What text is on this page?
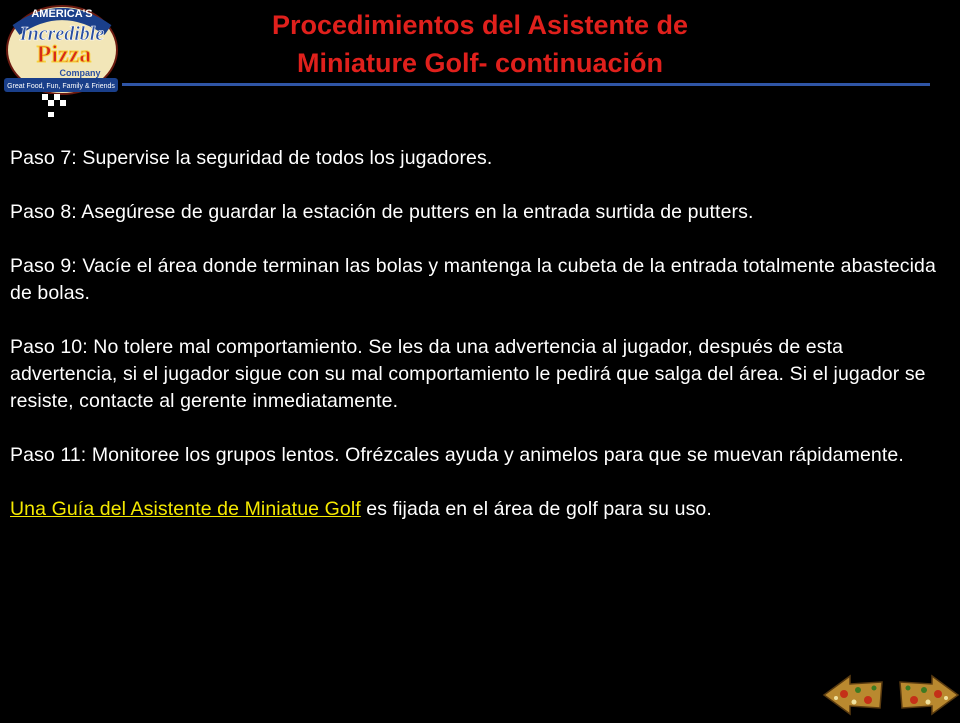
AMERICA'S
Incredible
Pizza
Company
Great Food, Fun, Family & Friends
Procedimientos del Asistente de
Miniature Golf- continuación

Paso 7: Supervise la seguridad de todos los jugadores.

Paso 8: Asegúrese de guardar la estación de putters en la entrada surtida de putters.

Paso 9: Vacíe el área donde terminan las bolas y mantenga la cubeta de la entrada totalmente abastecida de bolas.

Paso 10: No tolere mal comportamiento. Se les da una advertencia al jugador, después de esta advertencia, si el jugador sigue con su mal comportamiento le pedirá que salga del área. Si el jugador se resiste, contacte al gerente inmediatamente.

Paso 11: Monitoree los grupos lentos. Ofrézcales ayuda y animelos para que se muevan rápidamente.

Una Guía del Asistente de Miniatue Golf es fijada en el área de golf para su uso.
